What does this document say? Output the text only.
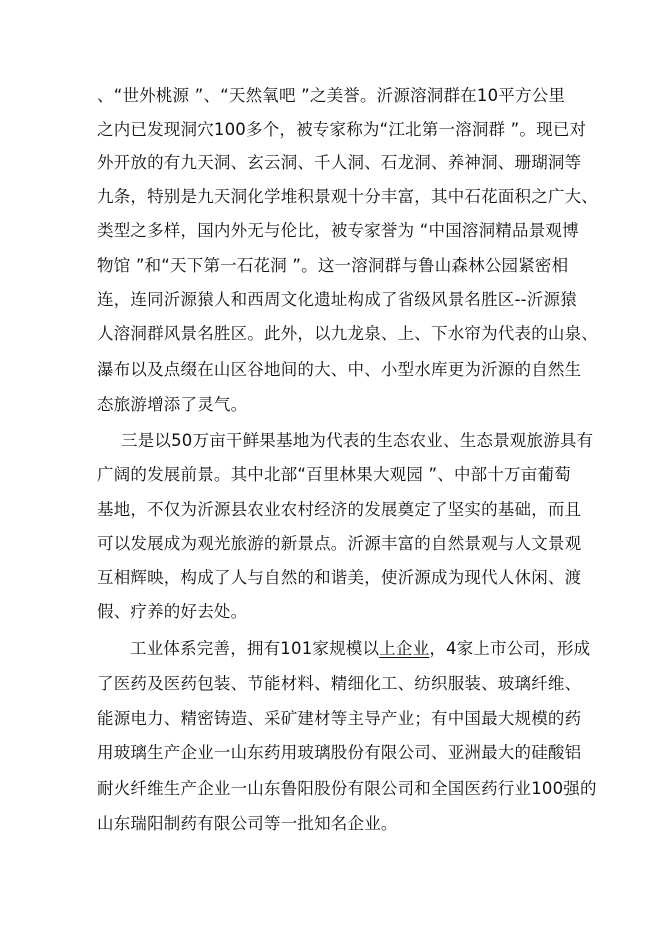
、“世外桃源 ”、“天然氧吧 ”之美誉。沂源溶洞群在10平方公里
之内已发现洞穴100多个，被专家称为“江北第一溶洞群 ”。现已对
外开放的有九天洞、玄云洞、千人洞、石龙洞、养神洞、珊瑚洞等
九条，特别是九天洞化学堆积景观十分丰富，其中石花面积之广大、
类型之多样，国内外无与伦比，被专家誉为 “中国溶洞精品景观博
物馆 ”和“天下第一石花洞 ”。这一溶洞群与鲁山森林公园紧密相
连，连同沂源猿人和西周文化遗址构成了省级风景名胜区--沂源猿
人溶洞群风景名胜区。此外，以九龙泉、上、下水帘为代表的山泉、
瀑布以及点缀在山区谷地间的大、中、小型水库更为沂源的自然生
态旅游增添了灵气。
三是以50万亩干鲜果基地为代表的生态农业、生态景观旅游具有
广阔的发展前景。其中北部“百里林果大观园 ”、中部十万亩葡萄
基地，不仅为沂源县农业农村经济的发展奠定了坚实的基础，而且
可以发展成为观光旅游的新景点。沂源丰富的自然景观与人文景观
互相辉映，构成了人与自然的和谐美，使沂源成为现代人休闲、渡
假、疗养的好去处。
工业体系完善，拥有101家规模以上企业，4家上市公司，形成
了医药及医药包装、节能材料、精细化工、纺织服装、玻璃纤维、
能源电力、精密铸造、采矿建材等主导产业；有中国最大规模的药
用玻璃生产企业一山东药用玻璃股份有限公司、亚洲最大的硅酸铝
耐火纤维生产企业一山东鲁阳股份有限公司和全国医药行业100强的
山东瑞阳制药有限公司等一批知名企业。
